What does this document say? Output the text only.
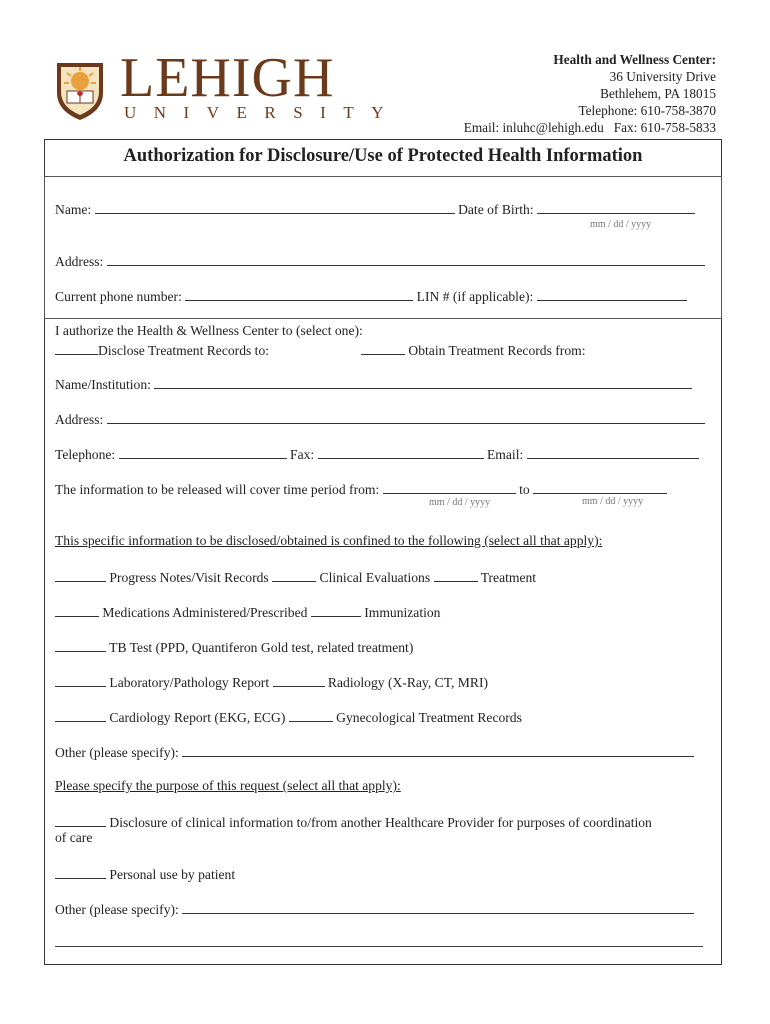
LEHIGH
UNIVERSITY
Health and Wellness Center:
36 University Drive
Bethlehem, PA 18015
Telephone: 610-758-3870
Email: inluhc@lehigh.edu   Fax: 610-758-5833
Authorization for Disclosure/Use of Protected Health Information
Name:	Date of Birth:
mm / dd / yyyy
Address:
Current phone number:	LIN # (if applicable):
I authorize the Health & Wellness Center to (select one):
Disclose Treatment Records to:	Obtain Treatment Records from:
Name/Institution:
Address:
Telephone:	Fax:	Email:
The information to be released will cover time period from:	to
mm / dd / yyyy	mm / dd / yyyy
This specific information to be disclosed/obtained is confined to the following (select all that apply):
Progress Notes/Visit Records	Clinical Evaluations	Treatment
Medications Administered/Prescribed	Immunization
TB Test (PPD, Quantiferon Gold test, related treatment)
Laboratory/Pathology Report	Radiology (X-Ray, CT, MRI)
Cardiology Report (EKG, ECG)	Gynecological Treatment Records
Other (please specify):
Please specify the purpose of this request (select all that apply):
Disclosure of clinical information to/from another Healthcare Provider for purposes of coordination
of care
Personal use by patient
Other (please specify):
